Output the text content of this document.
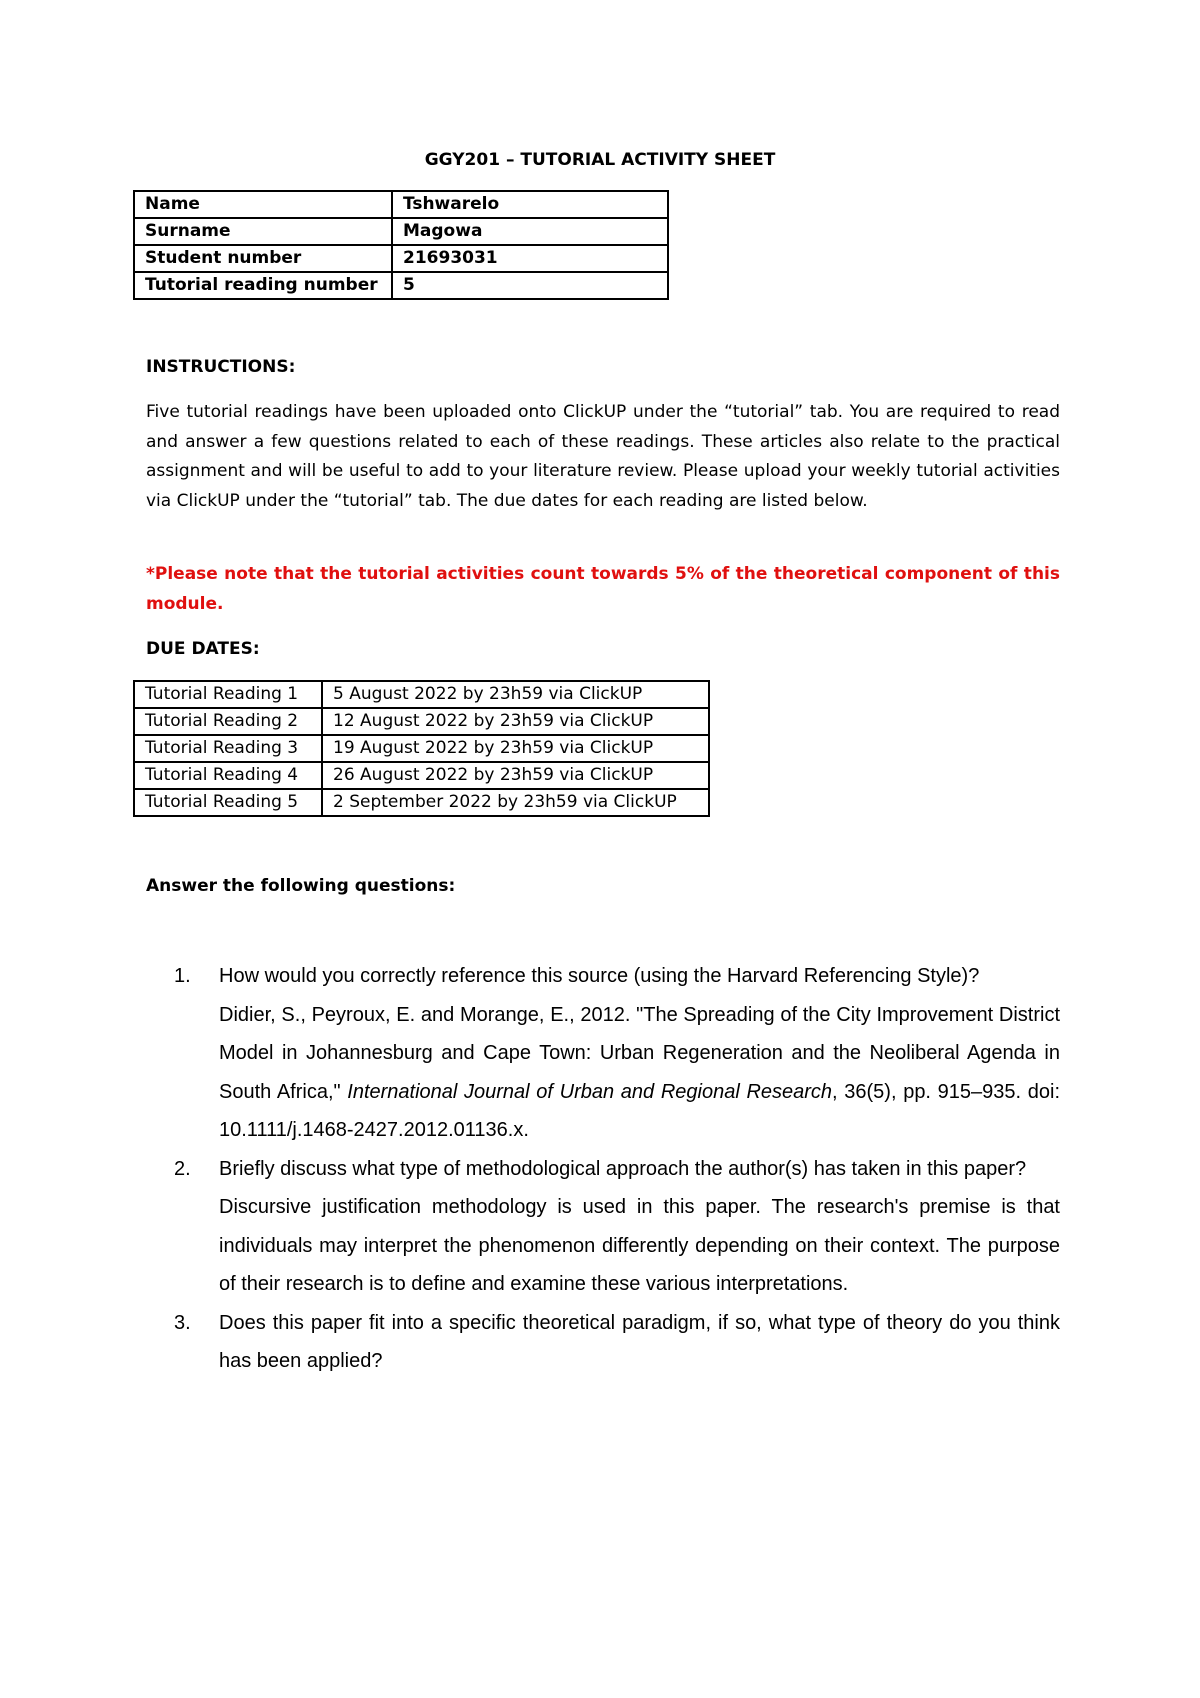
GGY201 – TUTORIAL ACTIVITY SHEET
Name	Tshwarelo
Surname	Magowa
Student number	21693031
Tutorial reading number	5
INSTRUCTIONS:
Five tutorial readings have been uploaded onto ClickUP under the “tutorial” tab. You are required to read and answer a few questions related to each of these readings. These articles also relate to the practical assignment and will be useful to add to your literature review. Please upload your weekly tutorial activities via ClickUP under the “tutorial” tab. The due dates for each reading are listed below.
*Please note that the tutorial activities count towards 5% of the theoretical component of this module.
DUE DATES:
Tutorial Reading 1	5 August 2022 by 23h59 via ClickUP
Tutorial Reading 2	12 August 2022 by 23h59 via ClickUP
Tutorial Reading 3	19 August 2022 by 23h59 via ClickUP
Tutorial Reading 4	26 August 2022 by 23h59 via ClickUP
Tutorial Reading 5	2 September 2022 by 23h59 via ClickUP
Answer the following questions:
1. How would you correctly reference this source (using the Harvard Referencing Style)?

Didier, S., Peyroux, E. and Morange, E., 2012. "The Spreading of the City Improvement District Model in Johannesburg and Cape Town: Urban Regeneration and the Neoliberal Agenda in South Africa," International Journal of Urban and Regional Research, 36(5), pp. 915–935. doi: 10.1111/j.1468-2427.2012.01136.x.

2. Briefly discuss what type of methodological approach the author(s) has taken in this paper?

Discursive justification methodology is used in this paper. The research's premise is that individuals may interpret the phenomenon differently depending on their context. The purpose of their research is to define and examine these various interpretations.

3. Does this paper fit into a specific theoretical paradigm, if so, what type of theory do you think has been applied?
